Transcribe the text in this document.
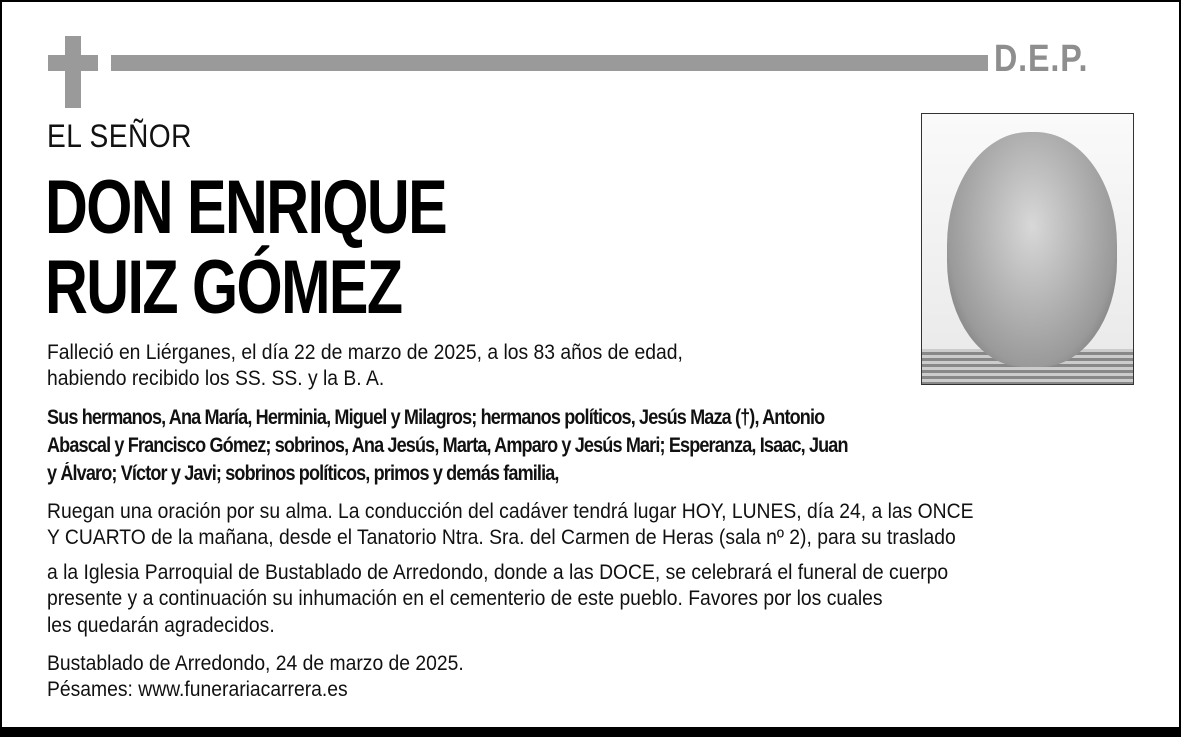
D.E.P.
EL SEÑOR
DON ENRIQUE
RUIZ GÓMEZ
Falleció en Liérganes, el día 22 de marzo de 2025, a los 83 años de edad,
habiendo recibido los SS. SS. y la B. A.
Sus hermanos, Ana María, Herminia, Miguel y Milagros; hermanos políticos, Jesús Maza (†), Antonio
Abascal y Francisco Gómez; sobrinos, Ana Jesús, Marta, Amparo y Jesús Mari; Esperanza, Isaac, Juan
y Álvaro; Víctor y Javi; sobrinos políticos, primos y demás familia,
Ruegan una oración por su alma. La conducción del cadáver tendrá lugar HOY, LUNES, día 24, a las ONCE
Y CUARTO de la mañana, desde el Tanatorio Ntra. Sra. del Carmen de Heras (sala nº 2), para su traslado
a la Iglesia Parroquial de Bustablado de Arredondo, donde a las DOCE, se celebrará el funeral de cuerpo
presente y a continuación su inhumación en el cementerio de este pueblo. Favores por los cuales
les quedarán agradecidos.
Bustablado de Arredondo, 24 de marzo de 2025.
Pésames: www.funerariacarrera.es
